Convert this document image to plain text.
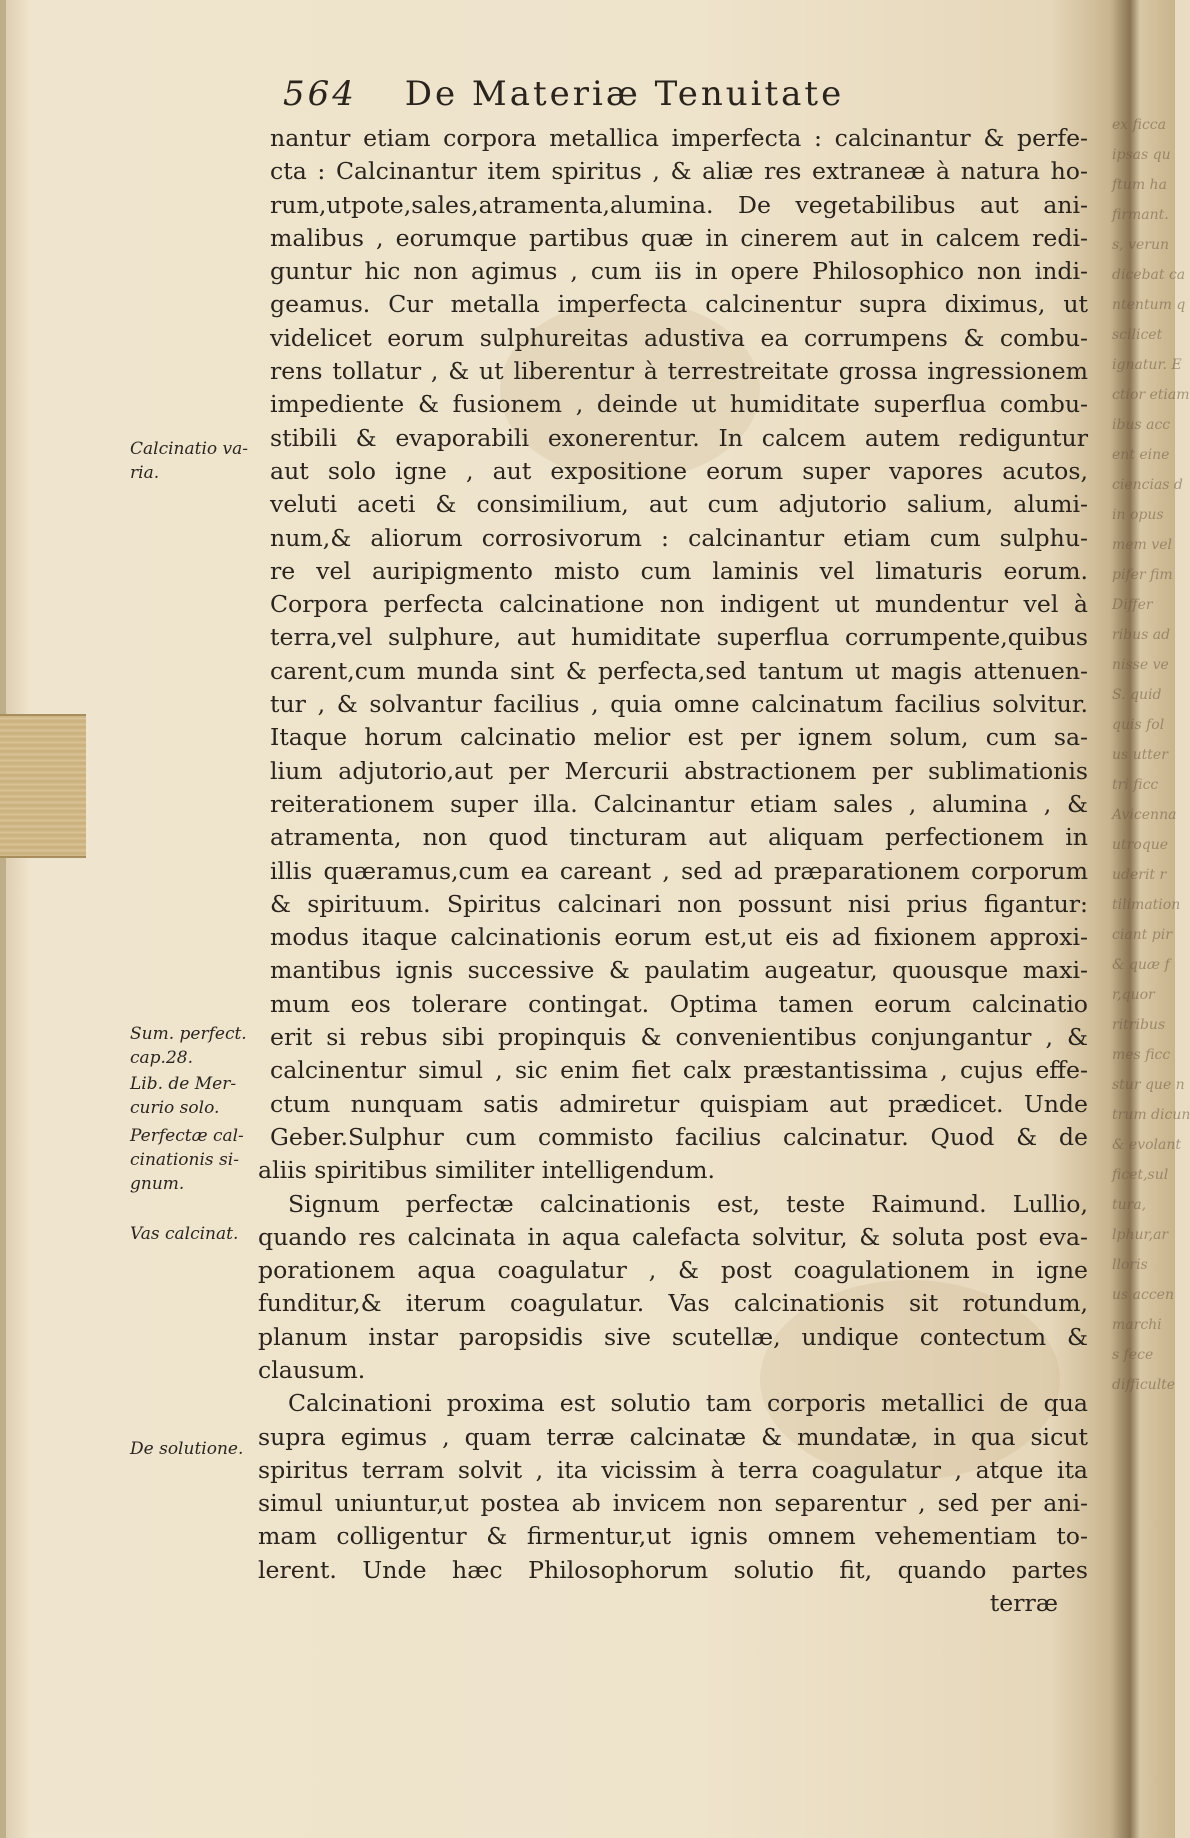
564 De Materiæ Tenuitate
nantur etiam corpora metallica imperfecta : calcinantur & perfe-
cta : Calcinantur item spiritus , & aliæ res extraneæ à natura ho-
rum,utpote,sales,atramenta,alumina. De vegetabilibus aut ani-
malibus , eorumque partibus quæ in cinerem aut in calcem redi-
guntur hic non agimus , cum iis in opere Philosophico non indi-
geamus. Cur metalla imperfecta calcinentur supra diximus, ut
videlicet eorum sulphureitas adustiva ea corrumpens & combu-
rens tollatur , & ut liberentur à terrestreitate grossa ingressionem
impediente & fusionem , deinde ut humiditate superflua combu-
stibili & evaporabili exonerentur. In calcem autem rediguntur
aut solo igne , aut expositione eorum super vapores acutos,
veluti aceti & consimilium, aut cum adjutorio salium, alumi-
num,& aliorum corrosivorum : calcinantur etiam cum sulphu-
re vel auripigmento misto cum laminis vel limaturis eorum.
Corpora perfecta calcinatione non indigent ut mundentur vel à
terra,vel sulphure, aut humiditate superflua corrumpente,quibus
carent,cum munda sint & perfecta,sed tantum ut magis attenuen-
tur , & solvantur facilius , quia omne calcinatum facilius solvitur.
Itaque horum calcinatio melior est per ignem solum, cum sa-
lium adjutorio,aut per Mercurii abstractionem per sublimationis
reiterationem super illa. Calcinantur etiam sales , alumina , &
atramenta, non quod tincturam aut aliquam perfectionem in
illis quæramus,cum ea careant , sed ad præparationem corporum
& spirituum. Spiritus calcinari non possunt nisi prius figantur:
modus itaque calcinationis eorum est,ut eis ad fixionem approxi-
mantibus ignis successive & paulatim augeatur, quousque maxi-
mum eos tolerare contingat. Optima tamen eorum calcinatio
erit si rebus sibi propinquis & convenientibus conjungantur , &
calcinentur simul , sic enim fiet calx præstantissima , cujus effe-
ctum nunquam satis admiretur quispiam aut prædicet. Unde
Geber.Sulphur cum commisto facilius calcinatur. Quod & de
aliis spiritibus similiter intelligendum.
Signum perfectæ calcinationis est, teste Raimund. Lullio,
quando res calcinata in aqua calefacta solvitur, & soluta post eva-
porationem aqua coagulatur , & post coagulationem in igne
funditur,& iterum coagulatur. Vas calcinationis sit rotundum,
planum instar paropsidis sive scutellæ, undique contectum &
clausum.
Calcinationi proxima est solutio tam corporis metallici de qua
supra egimus , quam terræ calcinatæ & mundatæ, in qua sicut
spiritus terram solvit , ita vicissim à terra coagulatur , atque ita
simul uniuntur,ut postea ab invicem non separentur , sed per ani-
mam colligentur & firmentur,ut ignis omnem vehementiam to-
lerent. Unde hæc Philosophorum solutio fit, quando partes
terræ
Calcinatio va-
ria.
Sum. perfect.
cap.28.
Lib. de Mer-
curio solo.
Perfectæ cal-
cinationis si-
gnum.
Vas calcinat.
De solutione.
ex ficca
ipsas qu
ftum ha
firmant.
s, verun
dicebat ca
ntentum q
scilicet
ignatur. E
ctior etiam
ibus acc
ent eine
ciencias d
in opus
mem vel
pifer fim
Differ
ribus ad
nisse ve
S. quid
quis fol
us utter
tri ficc
Avicenna
utroque
uderit r
tilimation
ciant pir
& quæ f
r,quor
ritribus
mes ficc
stur que n
trum dicun
& evolant
ficet,sul
tura,
lphur,ar
lloris
us accen
marchi
s fece
difficulte
